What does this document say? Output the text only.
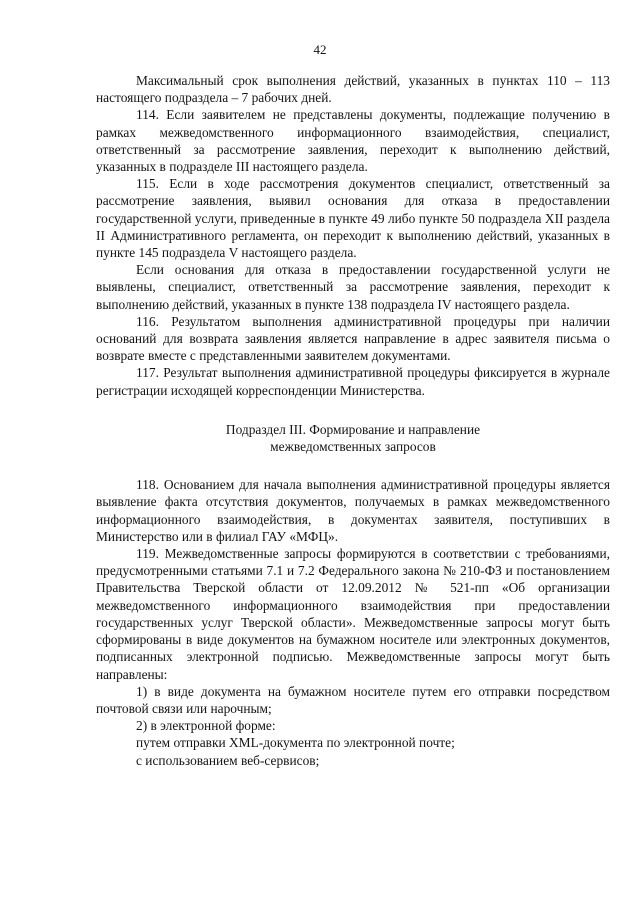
42

Максимальный срок выполнения действий, указанных в пунктах 110 – 113 настоящего подраздела – 7 рабочих дней.

114. Если заявителем не представлены документы, подлежащие получению в рамках межведомственного информационного взаимодействия, специалист, ответственный за рассмотрение заявления, переходит к выполнению действий, указанных в подразделе III настоящего раздела.

115. Если в ходе рассмотрения документов специалист, ответственный за рассмотрение заявления, выявил основания для отказа в предоставлении государственной услуги, приведенные в пункте 49 либо пункте 50 подраздела XII раздела II Административного регламента, он переходит к выполнению действий, указанных в пункте 145 подраздела V настоящего раздела.

Если основания для отказа в предоставлении государственной услуги не выявлены, специалист, ответственный за рассмотрение заявления, переходит к выполнению действий, указанных в пункте 138 подраздела IV настоящего раздела.

116. Результатом выполнения административной процедуры при наличии оснований для возврата заявления является направление в адрес заявителя письма о возврате вместе с представленными заявителем документами.

117. Результат выполнения административной процедуры фиксируется в журнале регистрации исходящей корреспонденции Министерства.

Подраздел III. Формирование и направление
межведомственных запросов

118. Основанием для начала выполнения административной процедуры является выявление факта отсутствия документов, получаемых в рамках межведомственного информационного взаимодействия, в документах заявителя, поступивших в Министерство или в филиал ГАУ «МФЦ».

119. Межведомственные запросы формируются в соответствии с требованиями, предусмотренными статьями 7.1 и 7.2 Федерального закона № 210-ФЗ и постановлением Правительства Тверской области от 12.09.2012 № 521-пп «Об организации межведомственного информационного взаимодействия при предоставлении государственных услуг Тверской области». Межведомственные запросы могут быть сформированы в виде документов на бумажном носителе или электронных документов, подписанных электронной подписью. Межведомственные запросы могут быть направлены:

1) в виде документа на бумажном носителе путем его отправки посредством почтовой связи или нарочным;

2) в электронной форме:

путем отправки XML-документа по электронной почте;

с использованием веб-сервисов;
